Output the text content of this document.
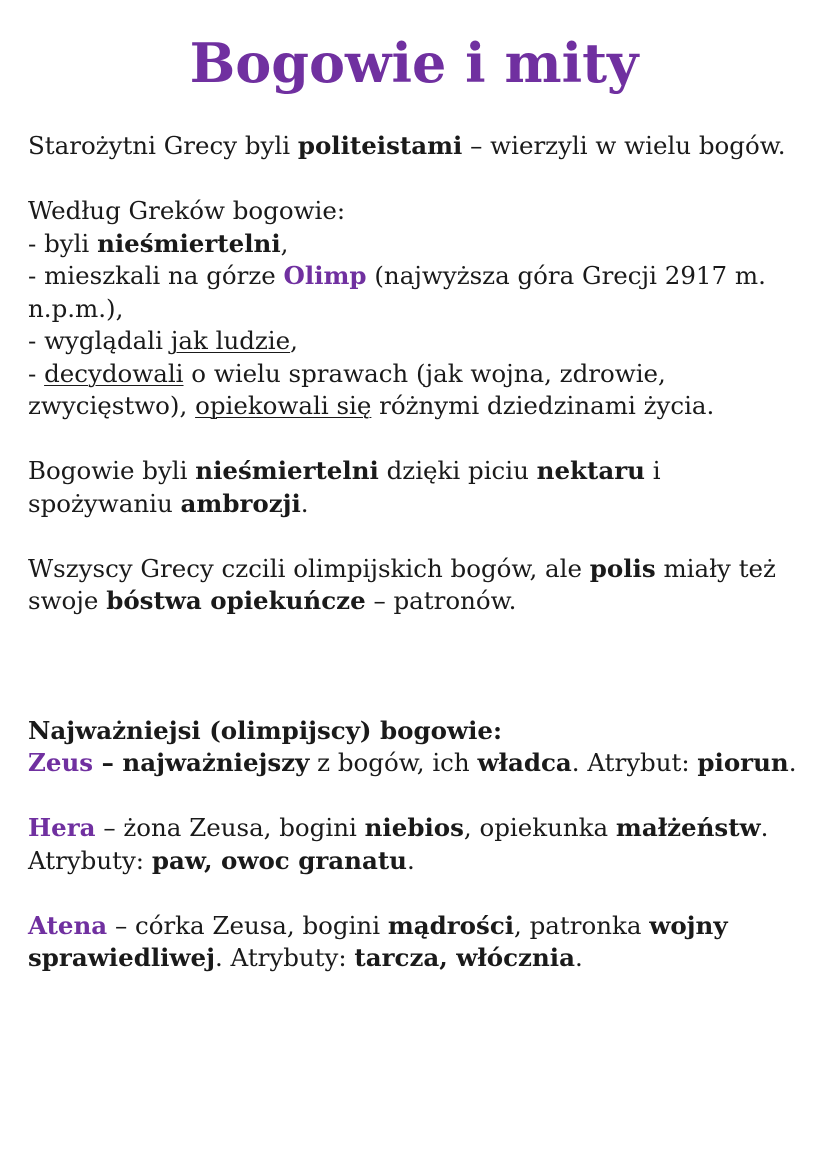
Bogowie i mity

Starożytni Grecy byli politeistami – wierzyli w wielu bogów.

Według Greków bogowie:

- byli nieśmiertelni,

- mieszkali na górze Olimp (najwyższa góra Grecji 2917 m. n.p.m.),

- wyglądali jak ludzie,

- decydowali o wielu sprawach (jak wojna, zdrowie, zwycięstwo), opiekowali się różnymi dziedzinami życia.

Bogowie byli nieśmiertelni dzięki piciu nektaru i spożywaniu ambrozji.

Wszyscy Grecy czcili olimpijskich bogów, ale polis miały też swoje bóstwa opiekuńcze – patronów.

Najważniejsi (olimpijscy) bogowie:

Zeus – najważniejszy z bogów, ich władca. Atrybut: piorun.

Hera – żona Zeusa, bogini niebios, opiekunka małżeństw. Atrybuty: paw, owoc granatu.

Atena – córka Zeusa, bogini mądrości, patronka wojny sprawiedliwej. Atrybuty: tarcza, włócznia.
